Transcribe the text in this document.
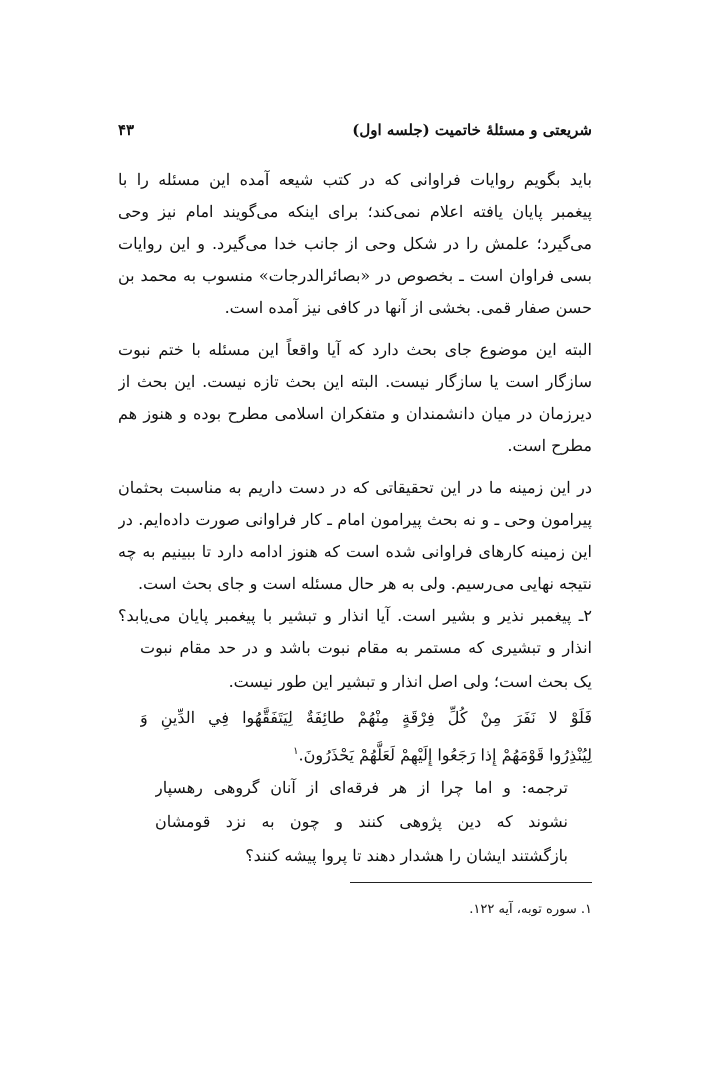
شریعتی و مسئلۀ خاتمیت (جلسه اول)
۴۳
باید بگویم روایات فراوانی که در کتب شیعه آمده این مسئله را با
پیغمبر پایان یافته اعلام نمی‌کند؛ برای اینکه می‌گویند امام نیز وحی
می‌گیرد؛ علمش را در شکل وحی از جانب خدا می‌گیرد. و این روایات
بسی فراوان است ـ بخصوص در «بصائرالدرجات» منسوب به محمد بن
حسن صفار قمی. بخشی از آنها در کافی نیز آمده است.
البته این موضوع جای بحث دارد که آیا واقعاً این مسئله با ختم نبوت
سازگار است یا سازگار نیست. البته این بحث تازه نیست. این بحث از
دیرزمان در میان دانشمندان و متفکران اسلامی مطرح بوده و هنوز هم
مطرح است.
در این زمینه ما در این تحقیقاتی که در دست داریم به مناسبت بحثمان
پیرامون وحی ـ و نه بحث پیرامون امام ـ کار فراوانی صورت داده‌ایم. در
این زمینه کارهای فراوانی شده است که هنوز ادامه دارد تا ببینیم به چه
نتیجه نهایی می‌رسیم. ولی به هر حال مسئله است و جای بحث است.
۲ـ پیغمبر نذیر و بشیر است. آیا انذار و تبشیر با پیغمبر پایان می‌یابد؟
انذار و تبشیری که مستمر به مقام نبوت باشد و در حد مقام نبوت
یک بحث است؛ ولی اصل انذار و تبشیر این طور نیست.
فَلَوْ لا نَفَرَ مِنْ كُلِّ فِرْقَةٍ مِنْهُمْ طائِفَةٌ لِيَتَفَقَّهُوا فِي الدِّينِ وَ
لِيُنْذِرُوا قَوْمَهُمْ إِذا رَجَعُوا إِلَيْهِمْ لَعَلَّهُمْ يَحْذَرُونَ.$^۱$
ترجمه: و اما چرا از هر فرقه‌ای از آنان گروهی رهسپار
نشوند که دین پژوهی کنند و چون به نزد قومشان
بازگشتند ایشان را هشدار دهند تا پروا پیشه کنند؟
۱. سوره توبه، آیه ۱۲۲.
